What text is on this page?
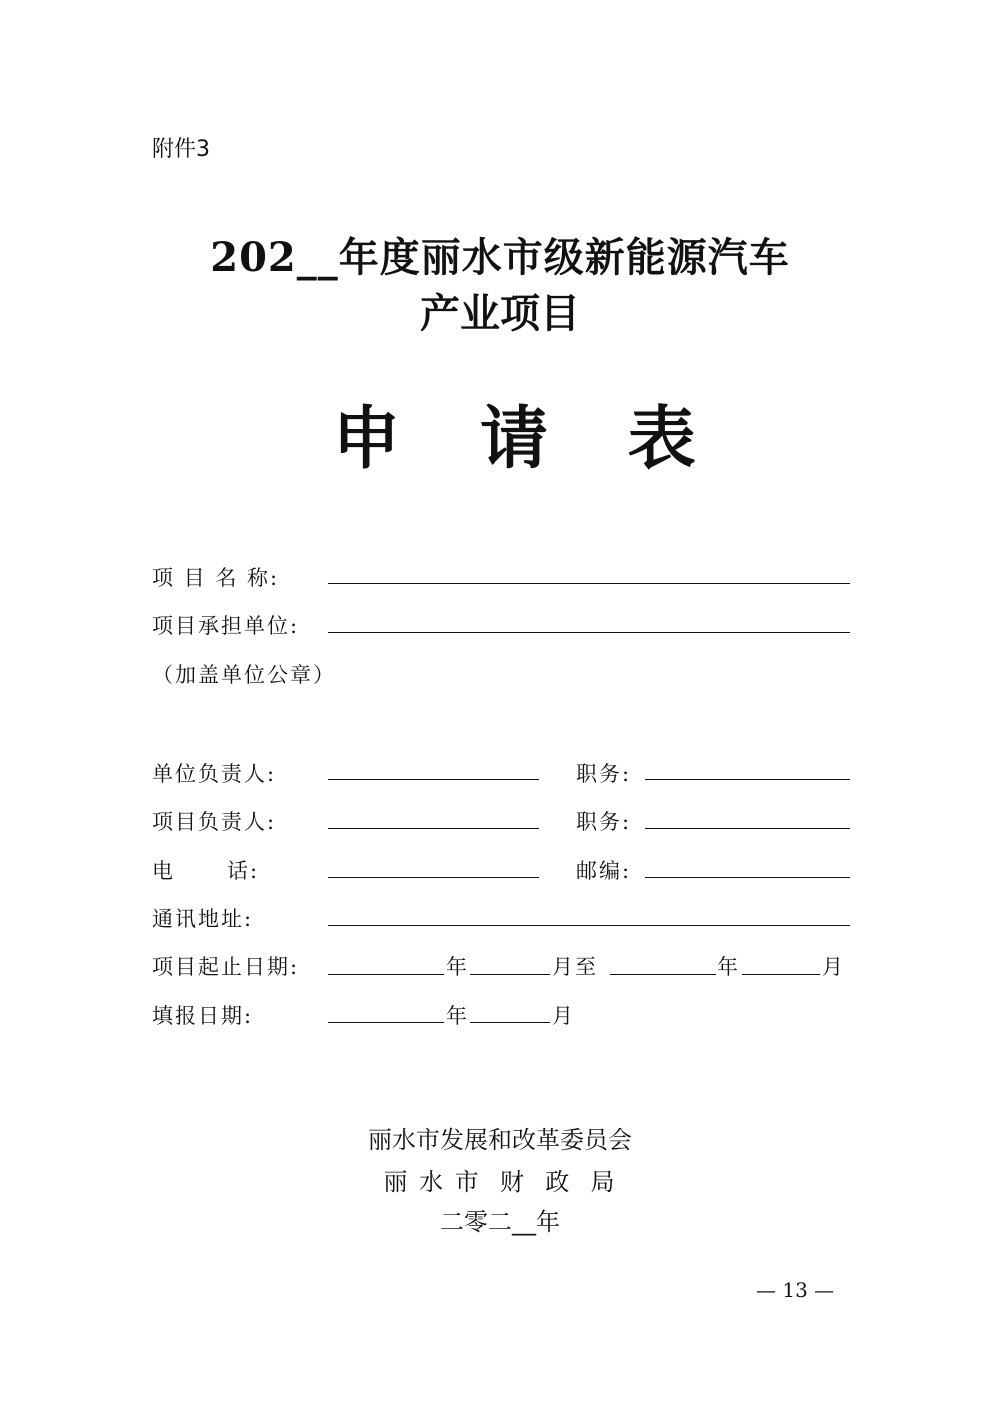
附件3
202__年度丽水市级新能源汽车
产业项目
申 请 表
项 目 名 称:
项目承担单位:
（加盖单位公章）
单位负责人:	职务:
项目负责人:	职务:
电      话:	邮编:
通讯地址:
项目起止日期:	年	月至	年	月
填报日期:	年	月
丽水市发展和改革委员会
丽 水 市  财  政  局
二零二__年
— 13 —
